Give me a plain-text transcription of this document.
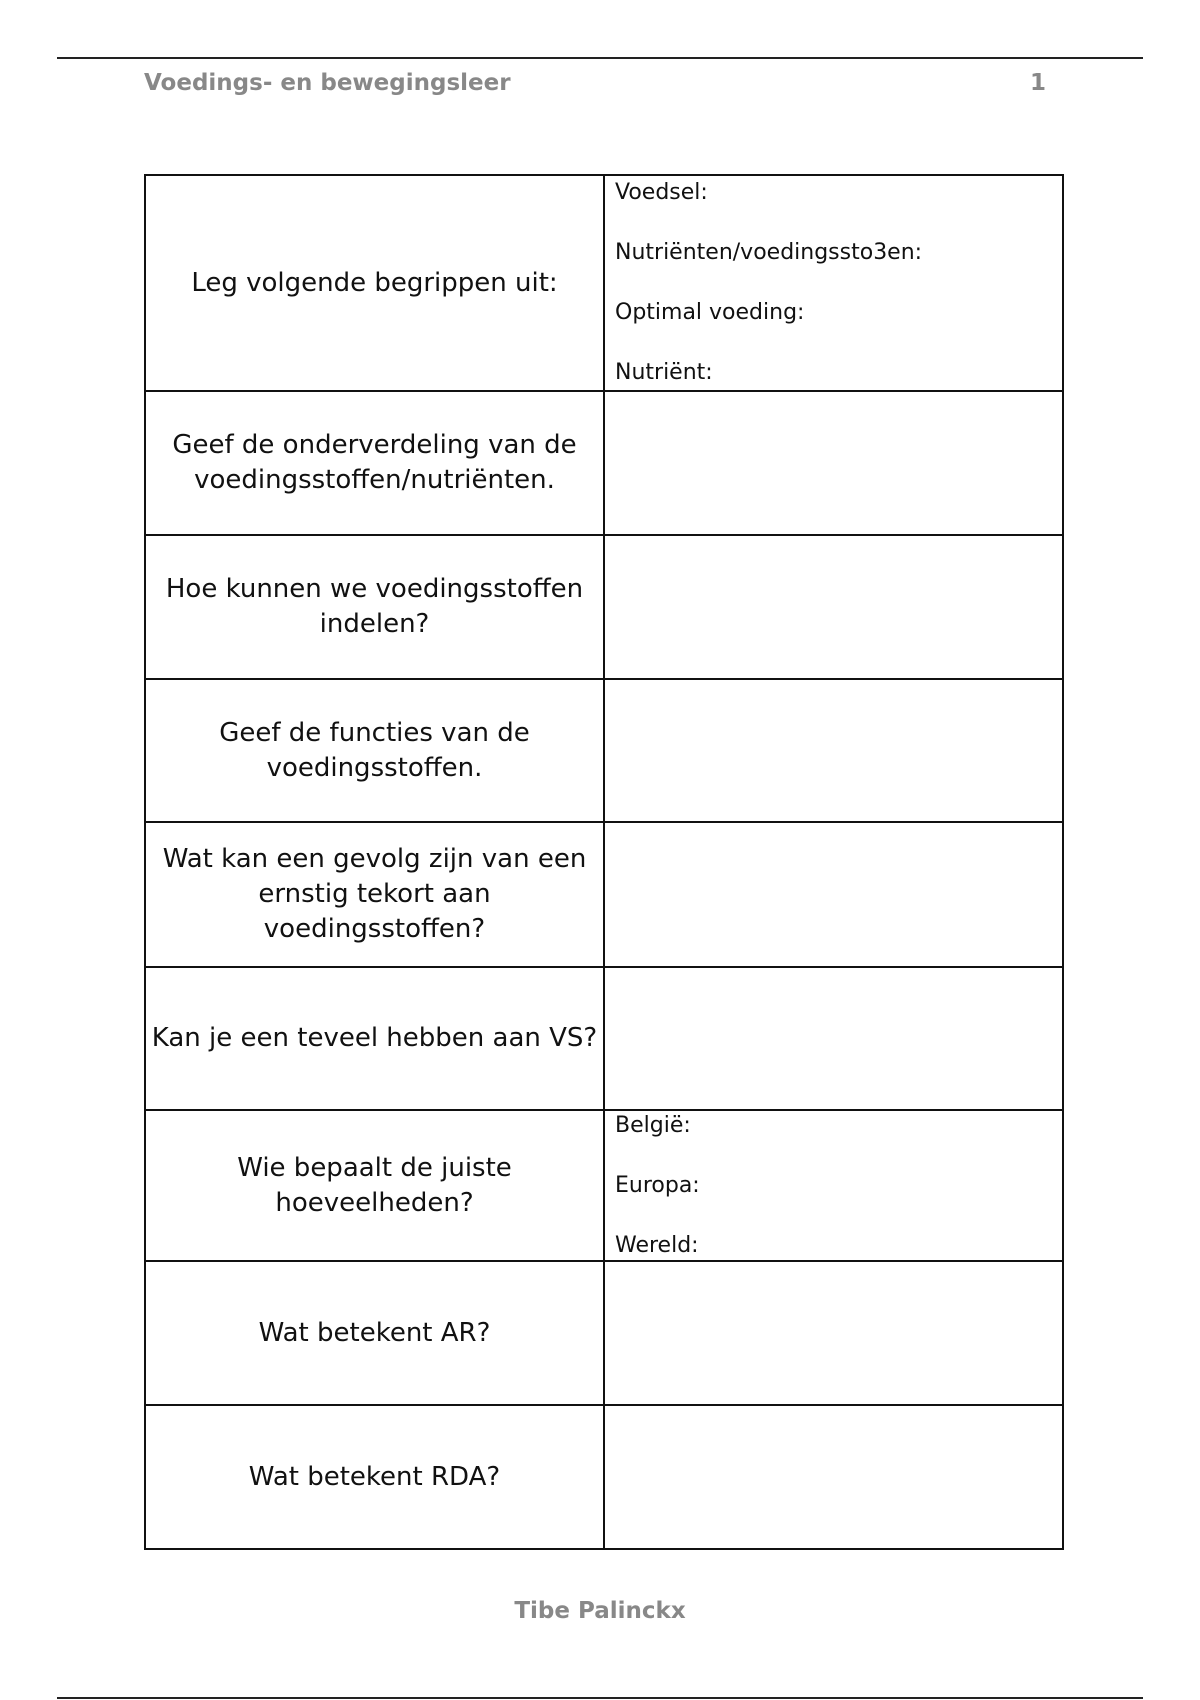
Voedings- en bewegingsleer	1
Leg volgende begrippen uit:	Voedsel:
Nutriënten/voedingssto3en:
Optimal voeding:
Nutriënt:

Geef de onderverdeling van de voedingsstoffen/nutriënten.	
Hoe kunnen we voedingsstoffen indelen?	
Geef de functies van de voedingsstoffen.	
Wat kan een gevolg zijn van een ernstig tekort aan voedingsstoffen?	
Kan je een teveel hebben aan VS?	
Wie bepaalt de juiste hoeveelheden?	België:
Europa:
Wereld:

Wat betekent AR?	
Wat betekent RDA?	
Tibe Palinckx
